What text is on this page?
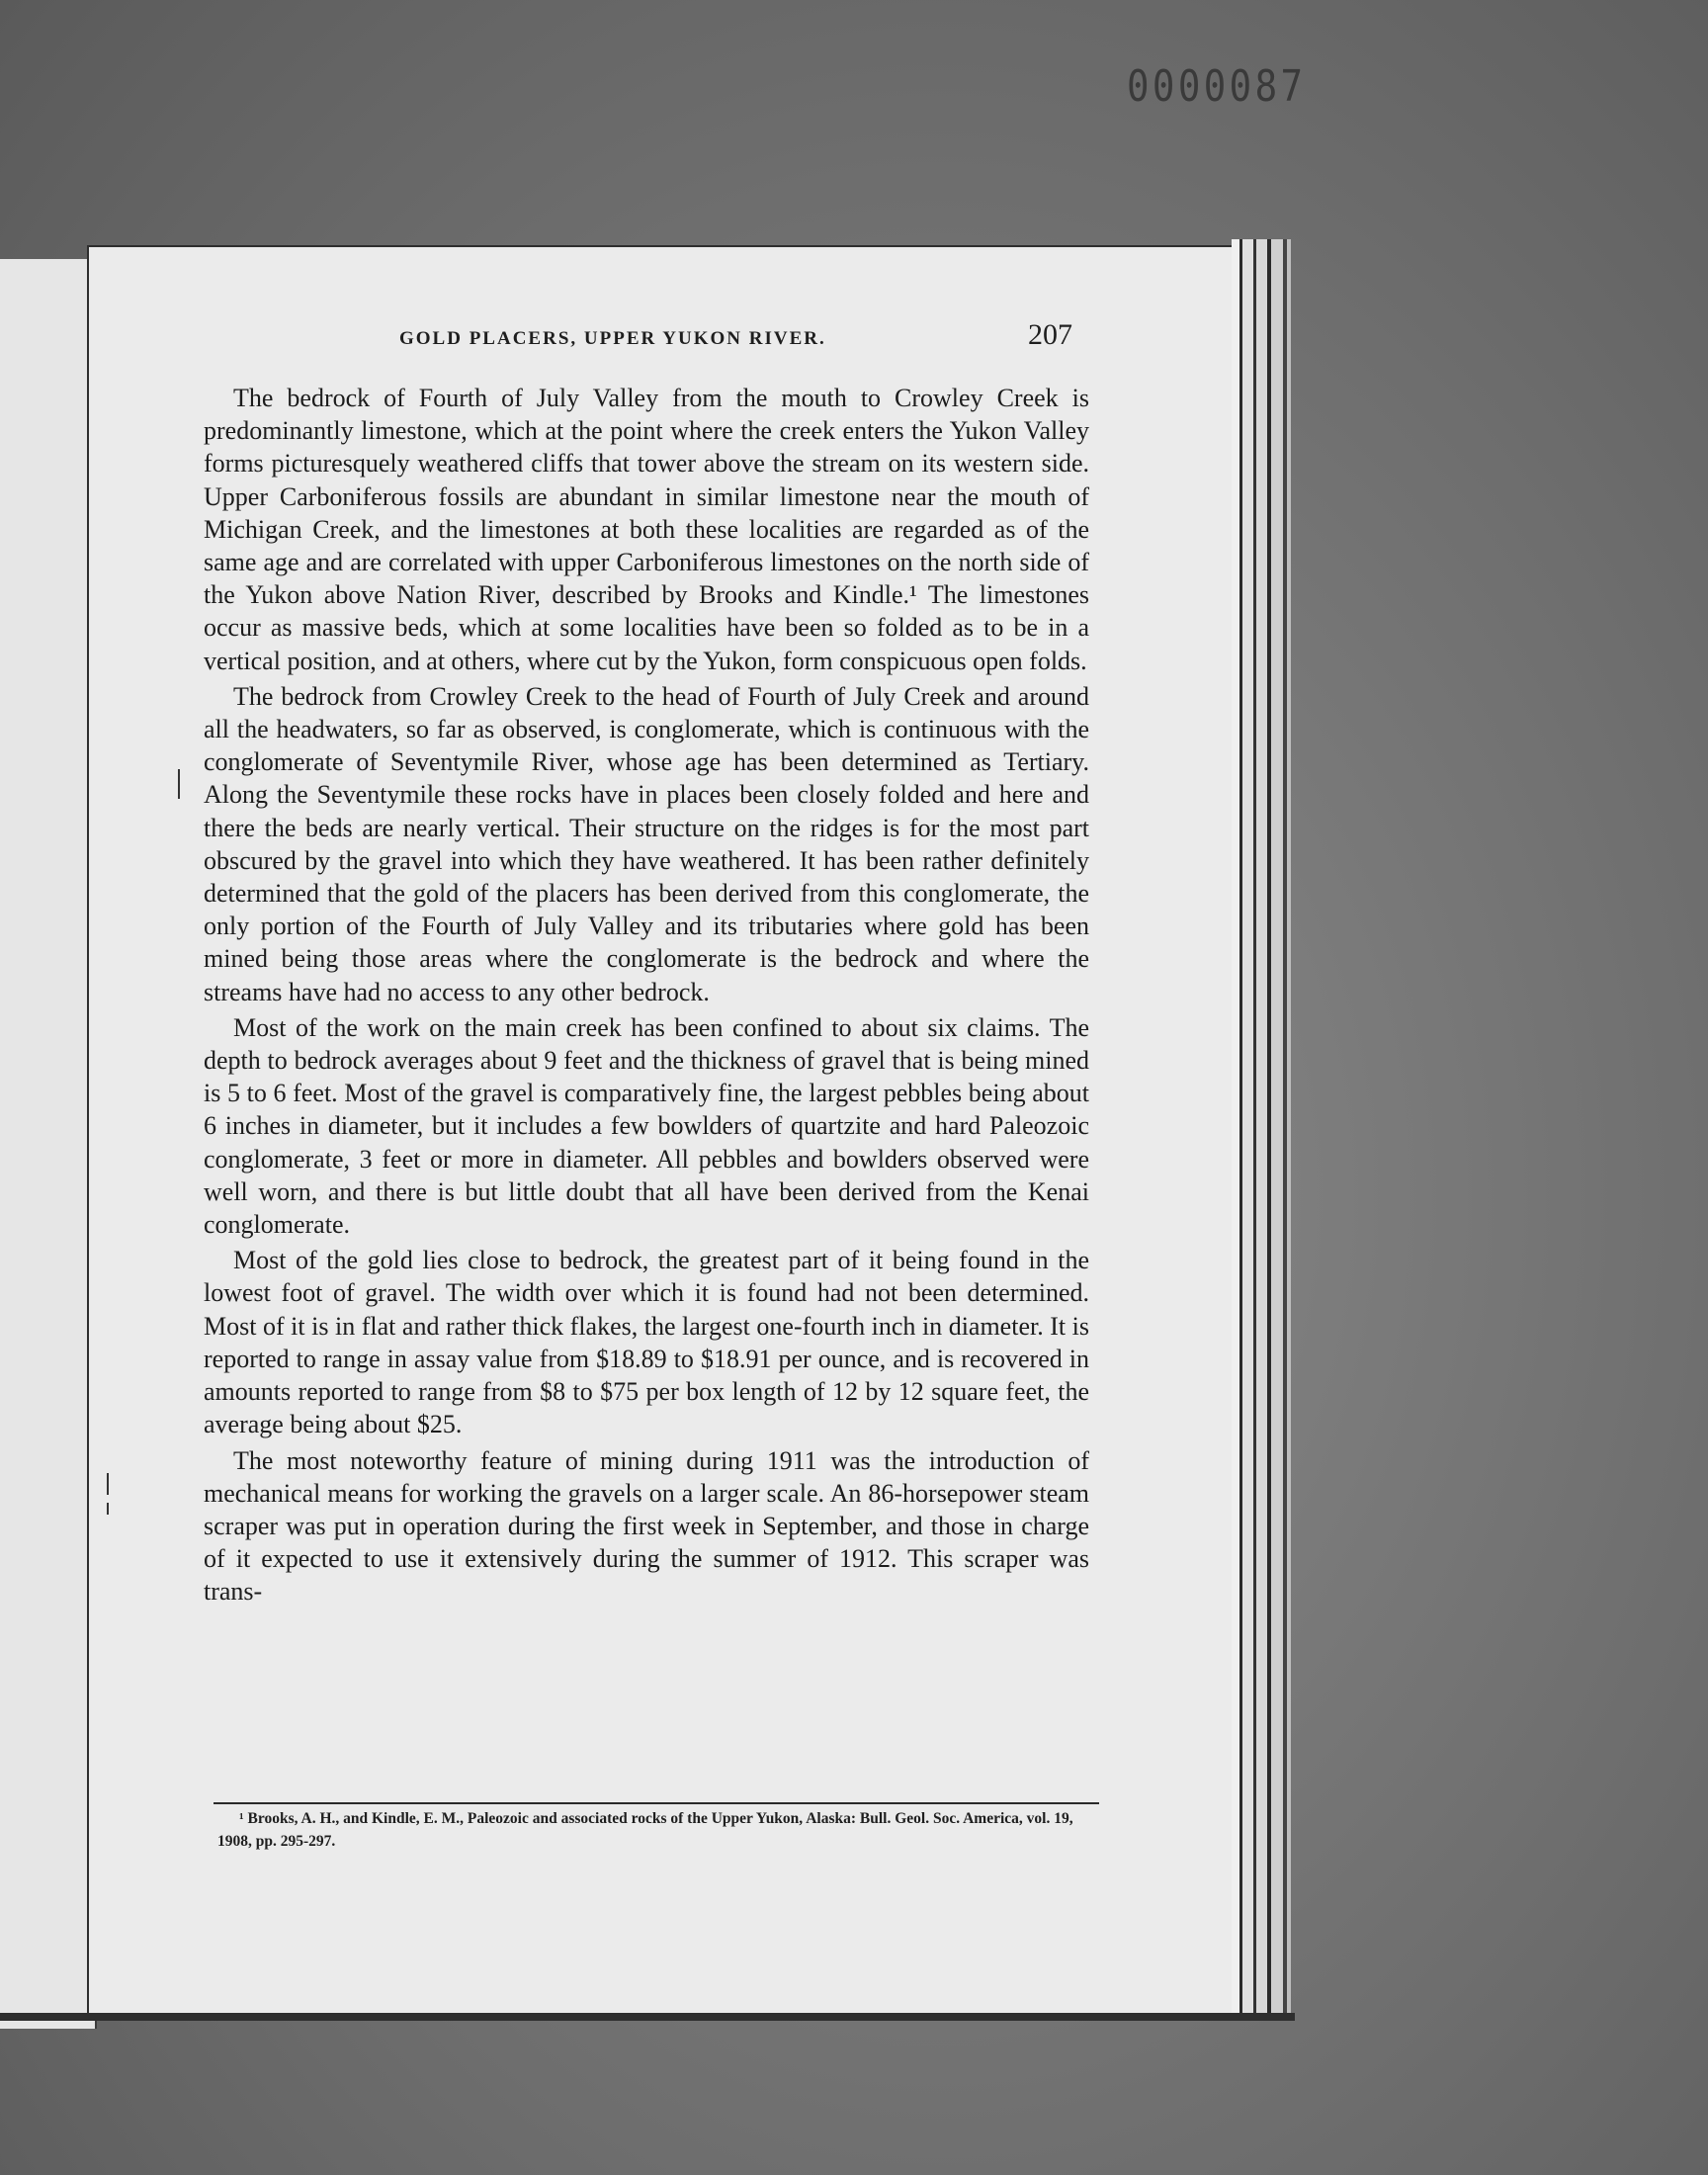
0000087
GOLD PLACERS, UPPER YUKON RIVER.	207

The bedrock of Fourth of July Valley from the mouth to Crowley Creek is predominantly limestone, which at the point where the creek enters the Yukon Valley forms picturesquely weathered cliffs that tower above the stream on its western side. Upper Carboniferous fossils are abundant in similar limestone near the mouth of Michigan Creek, and the limestones at both these localities are regarded as of the same age and are correlated with upper Carboniferous limestones on the north side of the Yukon above Nation River, described by Brooks and Kindle.¹ The limestones occur as massive beds, which at some localities have been so folded as to be in a vertical position, and at others, where cut by the Yukon, form conspicuous open folds.

The bedrock from Crowley Creek to the head of Fourth of July Creek and around all the headwaters, so far as observed, is conglomerate, which is continuous with the conglomerate of Seventymile River, whose age has been determined as Tertiary. Along the Seventymile these rocks have in places been closely folded and here and there the beds are nearly vertical. Their structure on the ridges is for the most part obscured by the gravel into which they have weathered. It has been rather definitely determined that the gold of the placers has been derived from this conglomerate, the only portion of the Fourth of July Valley and its tributaries where gold has been mined being those areas where the conglomerate is the bedrock and where the streams have had no access to any other bedrock.

Most of the work on the main creek has been confined to about six claims. The depth to bedrock averages about 9 feet and the thickness of gravel that is being mined is 5 to 6 feet. Most of the gravel is comparatively fine, the largest pebbles being about 6 inches in diameter, but it includes a few bowlders of quartzite and hard Paleozoic conglomerate, 3 feet or more in diameter. All pebbles and bowlders observed were well worn, and there is but little doubt that all have been derived from the Kenai conglomerate.

Most of the gold lies close to bedrock, the greatest part of it being found in the lowest foot of gravel. The width over which it is found had not been determined. Most of it is in flat and rather thick flakes, the largest one-fourth inch in diameter. It is reported to range in assay value from $18.89 to $18.91 per ounce, and is recovered in amounts reported to range from $8 to $75 per box length of 12 by 12 square feet, the average being about $25.

The most noteworthy feature of mining during 1911 was the introduction of mechanical means for working the gravels on a larger scale. An 86-horsepower steam scraper was put in operation during the first week in September, and those in charge of it expected to use it extensively during the summer of 1912. This scraper was trans-

¹ Brooks, A. H., and Kindle, E. M., Paleozoic and associated rocks of the Upper Yukon, Alaska: Bull. Geol. Soc. America, vol. 19, 1908, pp. 295-297.
